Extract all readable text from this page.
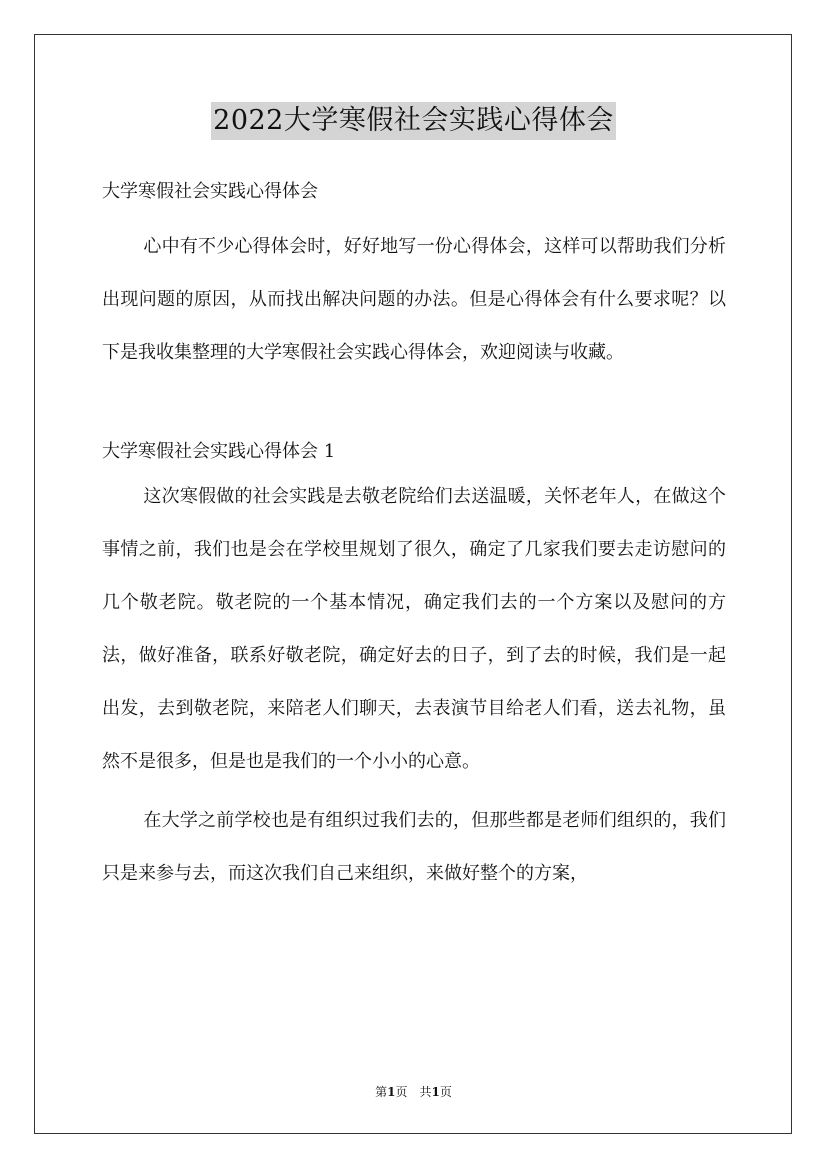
2022大学寒假社会实践心得体会

大学寒假社会实践心得体会

心中有不少心得体会时，好好地写一份心得体会，这样可以帮助我们分析出现问题的原因，从而找出解决问题的办法。但是心得体会有什么要求呢？以下是我收集整理的大学寒假社会实践心得体会，欢迎阅读与收藏。

大学寒假社会实践心得体会 1

这次寒假做的社会实践是去敬老院给们去送温暖，关怀老年人，在做这个事情之前，我们也是会在学校里规划了很久，确定了几家我们要去走访慰问的几个敬老院。敬老院的一个基本情况，确定我们去的一个方案以及慰问的方法，做好准备，联系好敬老院，确定好去的日子，到了去的时候，我们是一起出发，去到敬老院，来陪老人们聊天，去表演节目给老人们看，送去礼物，虽然不是很多，但是也是我们的一个小小的心意。

在大学之前学校也是有组织过我们去的，但那些都是老师们组织的，我们只是来参与去，而这次我们自己来组织，来做好整个的方案，

第1页　共1页
